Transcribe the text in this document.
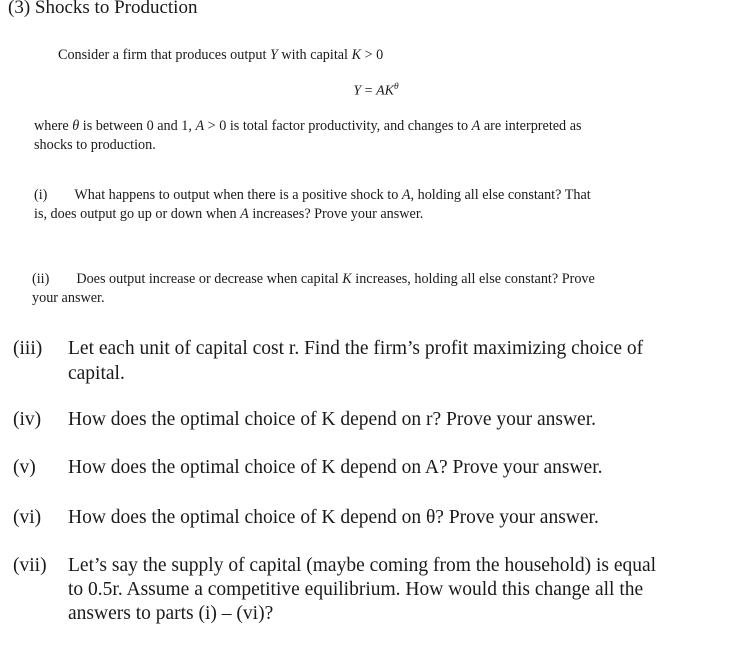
(3) Shocks to Production
Consider a firm that produces output Y with capital K > 0
$Y = AK^\theta$
where θ is between 0 and 1, A > 0 is total factor productivity, and changes to A are interpreted as
shocks to production.
(i) What happens to output when there is a positive shock to A, holding all else constant? That
is, does output go up or down when A increases? Prove your answer.
(ii) Does output increase or decrease when capital K increases, holding all else constant? Prove
your answer.
(iii) Let each unit of capital cost r. Find the firm’s profit maximizing choice of
capital.
(iv) How does the optimal choice of K depend on r? Prove your answer.
(v) How does the optimal choice of K depend on A? Prove your answer.
(vi) How does the optimal choice of K depend on θ? Prove your answer.
(vii) Let’s say the supply of capital (maybe coming from the household) is equal
to 0.5r. Assume a competitive equilibrium. How would this change all the
answers to parts (i) – (vi)?
